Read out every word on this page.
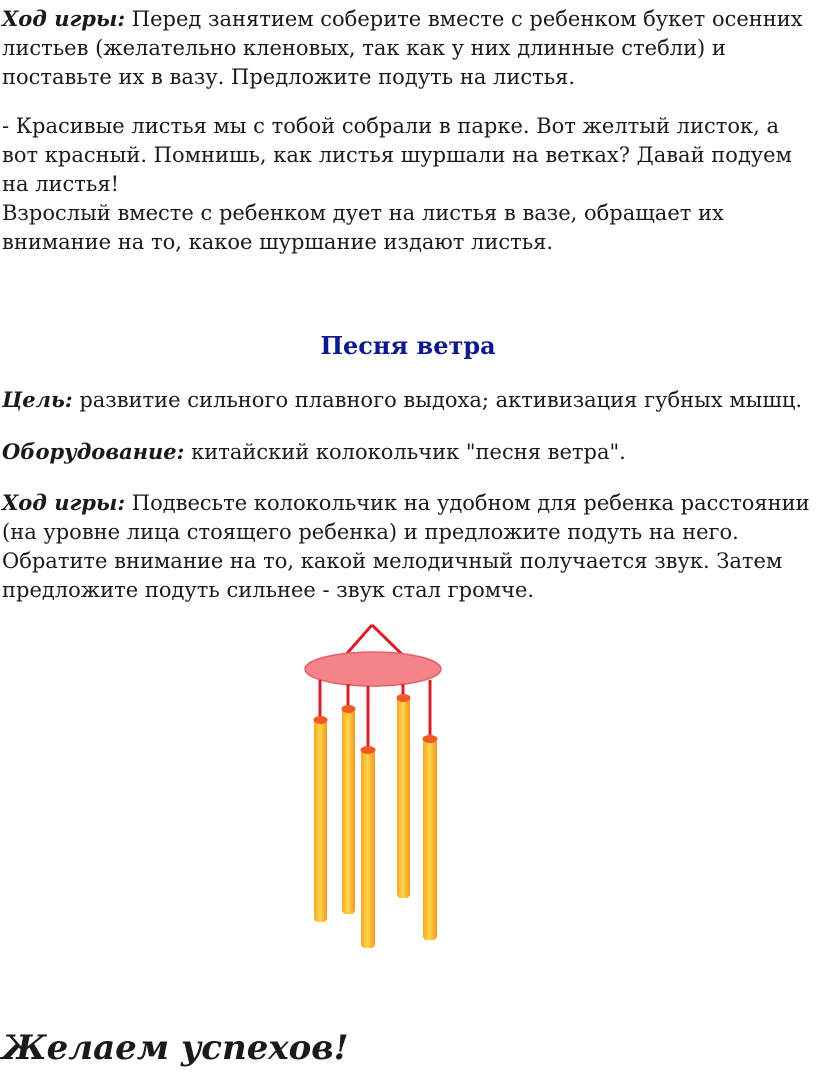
Ход игры: Перед занятием соберите вместе с ребенком букет осенних листьев (желательно кленовых, так как у них длинные стебли) и поставьте их в вазу. Предложите подуть на листья.

- Красивые листья мы с тобой собрали в парке. Вот желтый листок, а вот красный. Помнишь, как листья шуршали на ветках? Давай подуем на листья!

Взрослый вместе с ребенком дует на листья в вазе, обращает их внимание на то, какое шуршание издают листья.

Песня ветра

Цель: развитие сильного плавного выдоха; активизация губных мышц.

Оборудование: китайский колокольчик "песня ветра".

Ход игры: Подвесьте колокольчик на удобном для ребенка расстоянии (на уровне лица стоящего ребенка) и предложите подуть на него. Обратите внимание на то, какой мелодичный получается звук. Затем предложите подуть сильнее - звук стал громче.

Желаем успехов!
